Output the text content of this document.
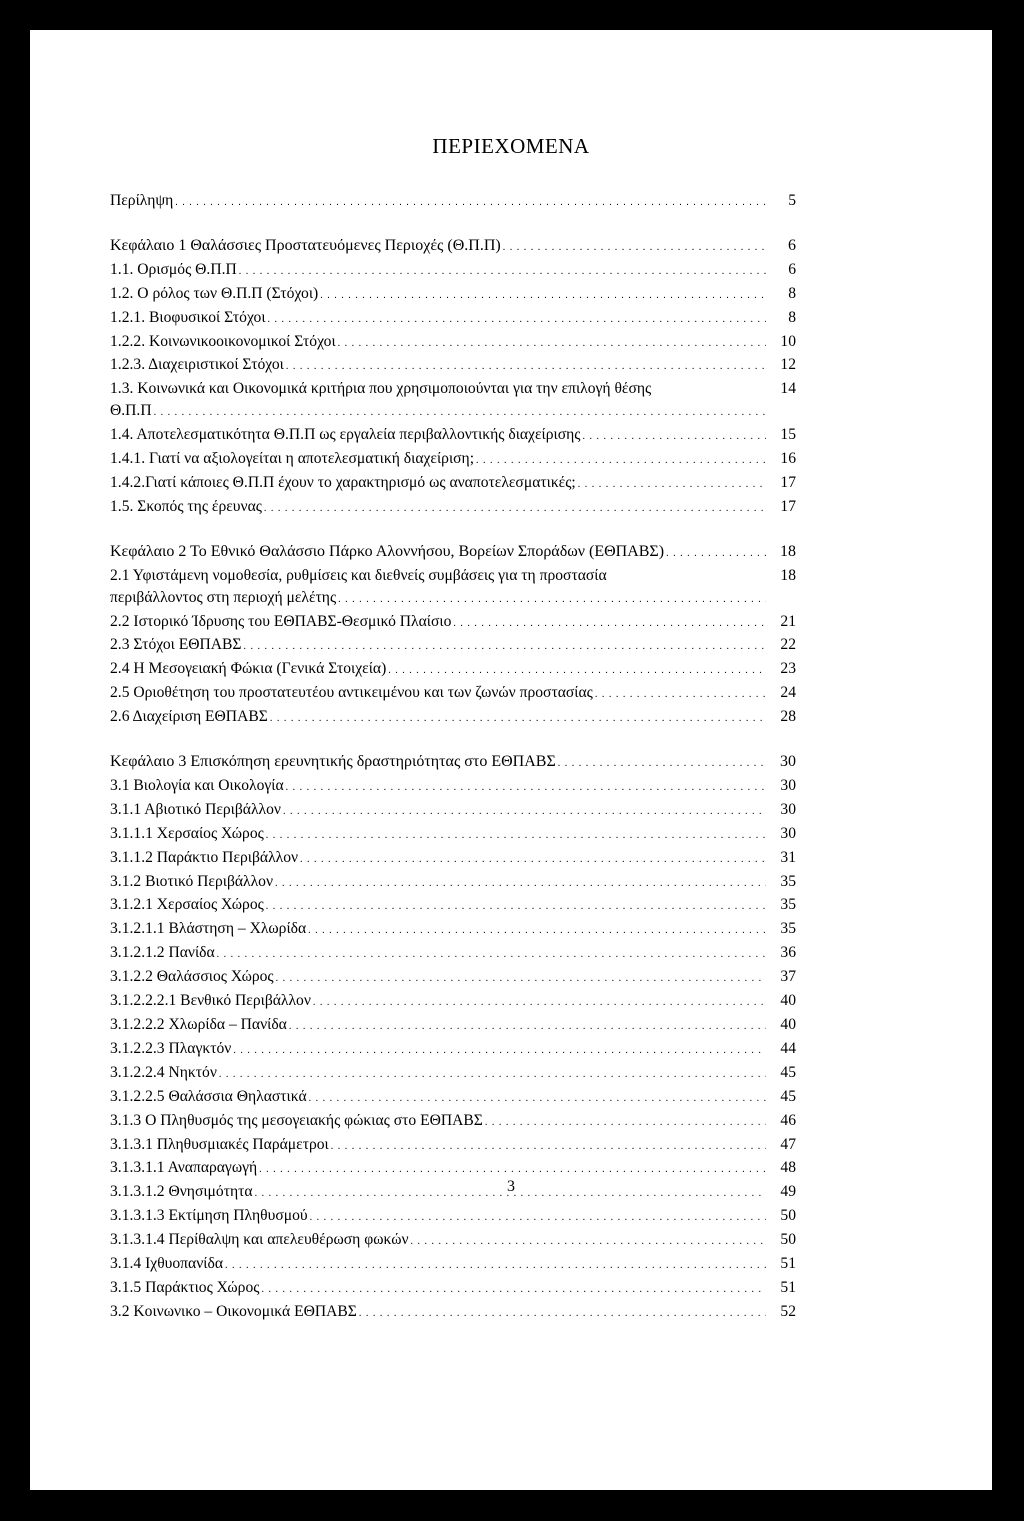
ΠΕΡΙΕΧΟΜΕΝΑ
Περίληψη . . .	5
Κεφάλαιο 1 Θαλάσσιες Προστατευόμενες Περιοχές (Θ.Π.Π) . . .	6
1.1. Ορισμός Θ.Π.Π . . .	6
1.2. Ο ρόλος των Θ.Π.Π (Στόχοι) . . .	8
1.2.1. Βιοφυσικοί Στόχοι . . .	8
1.2.2. Κοινωνικοοικονομικοί Στόχοι . . .	10
1.2.3. Διαχειριστικοί Στόχοι . . .	12
1.3. Κοινωνικά και Οικονομικά κριτήρια που χρησιμοποιούνται για την επιλογή θέσης	14
Θ.Π.Π
. . .
1.4. Αποτελεσματικότητα Θ.Π.Π ως εργαλεία περιβαλλοντικής διαχείρισης . . .	15
1.4.1. Γιατί να αξιολογείται η αποτελεσματική διαχείριση; . . .	16
1.4.2.Γιατί κάποιες Θ.Π.Π έχουν το χαρακτηρισμό ως αναποτελεσματικές; . . .	17
1.5. Σκοπός της έρευνας . . .	17
Κεφάλαιο 2 Το Εθνικό Θαλάσσιο Πάρκο Αλοννήσου, Βορείων Σποράδων (ΕΘΠΑΒΣ) . . .	18
2.1 Υφιστάμενη νομοθεσία, ρυθμίσεις και διεθνείς συμβάσεις για τη προστασία	18
περιβάλλοντος στη περιοχή μελέτης
. . .
2.2 Ιστορικό Ίδρυσης του ΕΘΠΑΒΣ-Θεσμικό Πλαίσιο . . .	21
2.3 Στόχοι ΕΘΠΑΒΣ . . .	22
2.4 Η Μεσογειακή Φώκια (Γενικά Στοιχεία) . . .	23
2.5 Οριοθέτηση του προστατευτέου αντικειμένου και των ζωνών προστασίας . . .	24
2.6 Διαχείριση ΕΘΠΑΒΣ . . .	28
Κεφάλαιο 3 Επισκόπηση ερευνητικής δραστηριότητας στο ΕΘΠΑΒΣ . . .	30
3.1 Βιολογία και Οικολογία . . .	30
3.1.1 Αβιοτικό Περιβάλλον . . .	30
3.1.1.1 Χερσαίος Χώρος . . .	30
3.1.1.2 Παράκτιο Περιβάλλον . . .	31
3.1.2 Βιοτικό Περιβάλλον . . .	35
3.1.2.1 Χερσαίος Χώρος . . .	35
3.1.2.1.1 Βλάστηση – Χλωρίδα . . .	35
3.1.2.1.2 Πανίδα . . .	36
3.1.2.2 Θαλάσσιος Χώρος . . .	37
3.1.2.2.2.1 Βενθικό Περιβάλλον . . .	40
3.1.2.2.2 Χλωρίδα – Πανίδα . . .	40
3.1.2.2.3 Πλαγκτόν . . .	44
3.1.2.2.4 Νηκτόν . . .	45
3.1.2.2.5 Θαλάσσια Θηλαστικά . . .	45
3.1.3 Ο Πληθυσμός της μεσογειακής φώκιας στο ΕΘΠΑΒΣ . . .	46
3.1.3.1 Πληθυσμιακές Παράμετροι . . .	47
3.1.3.1.1 Αναπαραγωγή . . .	48
3.1.3.1.2 Θνησιμότητα . . .	49
3.1.3.1.3 Εκτίμηση Πληθυσμού . . .	50
3.1.3.1.4 Περίθαλψη και απελευθέρωση φωκών . . .	50
3.1.4 Ιχθυοπανίδα . . .	51
3.1.5 Παράκτιος Χώρος . . .	51
3.2 Κοινωνικο – Οικονομικά ΕΘΠΑΒΣ . . .	52
3
